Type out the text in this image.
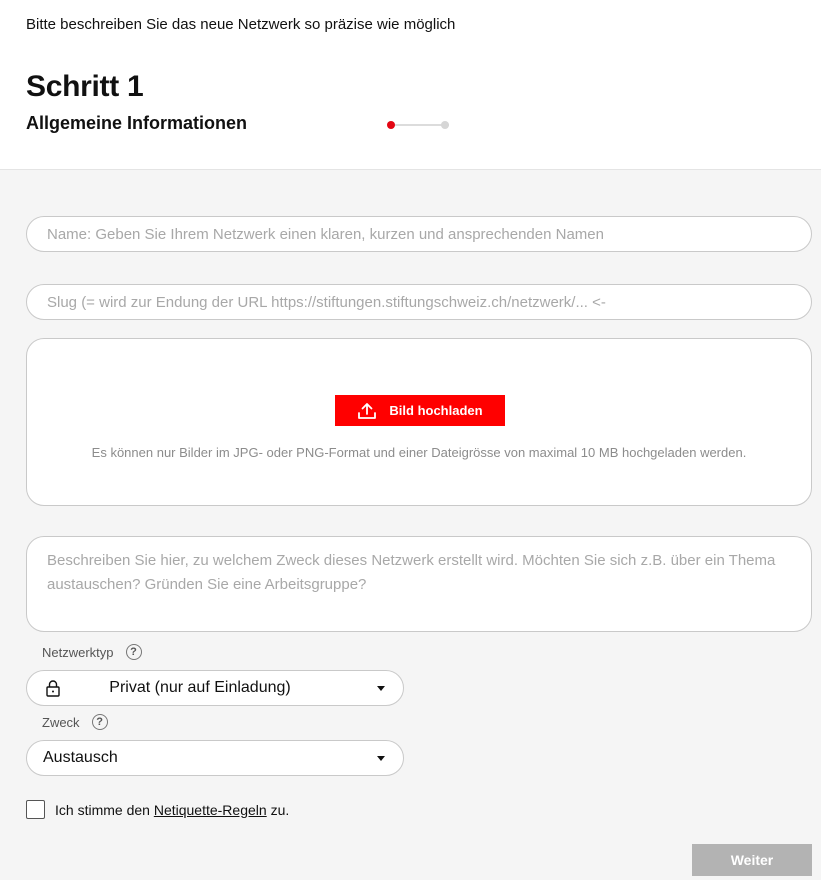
Bitte beschreiben Sie das neue Netzwerk so präzise wie möglich
Schritt 1
Allgemeine Informationen
Name: Geben Sie Ihrem Netzwerk einen klaren, kurzen und ansprechenden Namen
Slug (= wird zur Endung der URL https://stiftungen.stiftungschweiz.ch/netzwerk/... <-
Bild hochladen
Es können nur Bilder im JPG- oder PNG-Format und einer Dateigrösse von maximal 10 MB hochgeladen werden.
Beschreiben Sie hier, zu welchem Zweck dieses Netzwerk erstellt wird. Möchten Sie sich z.B. über ein Thema austauschen? Gründen Sie eine Arbeitsgruppe?
Netzwerktyp	?
Privat (nur auf Einladung)
Zweck	?
Austausch
Ich stimme den
Netiquette-Regeln
zu.
Weiter
